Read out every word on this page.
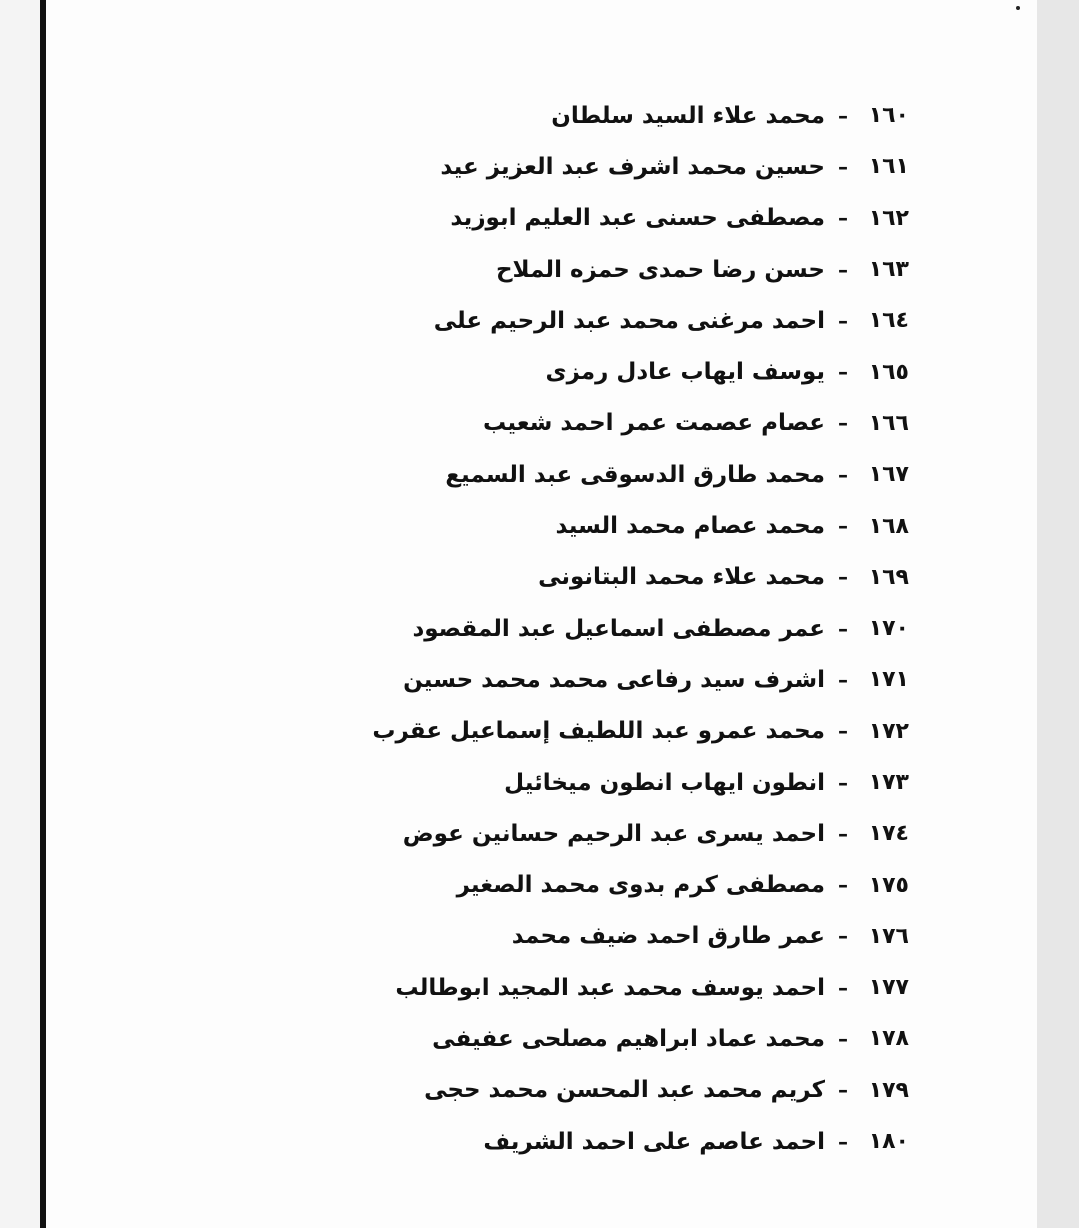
١٦٠
–
محمد علاء السيد سلطان
١٦١
–
حسين محمد اشرف عبد العزيز عيد
١٦٢
–
مصطفى حسنى عبد العليم ابوزيد
١٦٣
–
حسن رضا حمدى حمزه الملاح
١٦٤
–
احمد مرغنى محمد عبد الرحيم على
١٦٥
–
يوسف ايهاب عادل رمزى
١٦٦
–
عصام عصمت عمر احمد شعيب
١٦٧
–
محمد طارق الدسوقى عبد السميع
١٦٨
–
محمد عصام محمد السيد
١٦٩
–
محمد علاء محمد البتانونى
١٧٠
–
عمر مصطفى اسماعيل عبد المقصود
١٧١
–
اشرف سيد رفاعى محمد محمد حسين
١٧٢
–
محمد عمرو عبد اللطيف إسماعيل عقرب
١٧٣
–
انطون ايهاب انطون ميخائيل
١٧٤
–
احمد يسرى عبد الرحيم حسانين عوض
١٧٥
–
مصطفى كرم بدوى محمد الصغير
١٧٦
–
عمر طارق احمد ضيف محمد
١٧٧
–
احمد يوسف محمد عبد المجيد ابوطالب
١٧٨
–
محمد عماد ابراهيم مصلحى عفيفى
١٧٩
–
كريم محمد عبد المحسن محمد حجى
١٨٠
–
احمد عاصم على احمد الشريف
